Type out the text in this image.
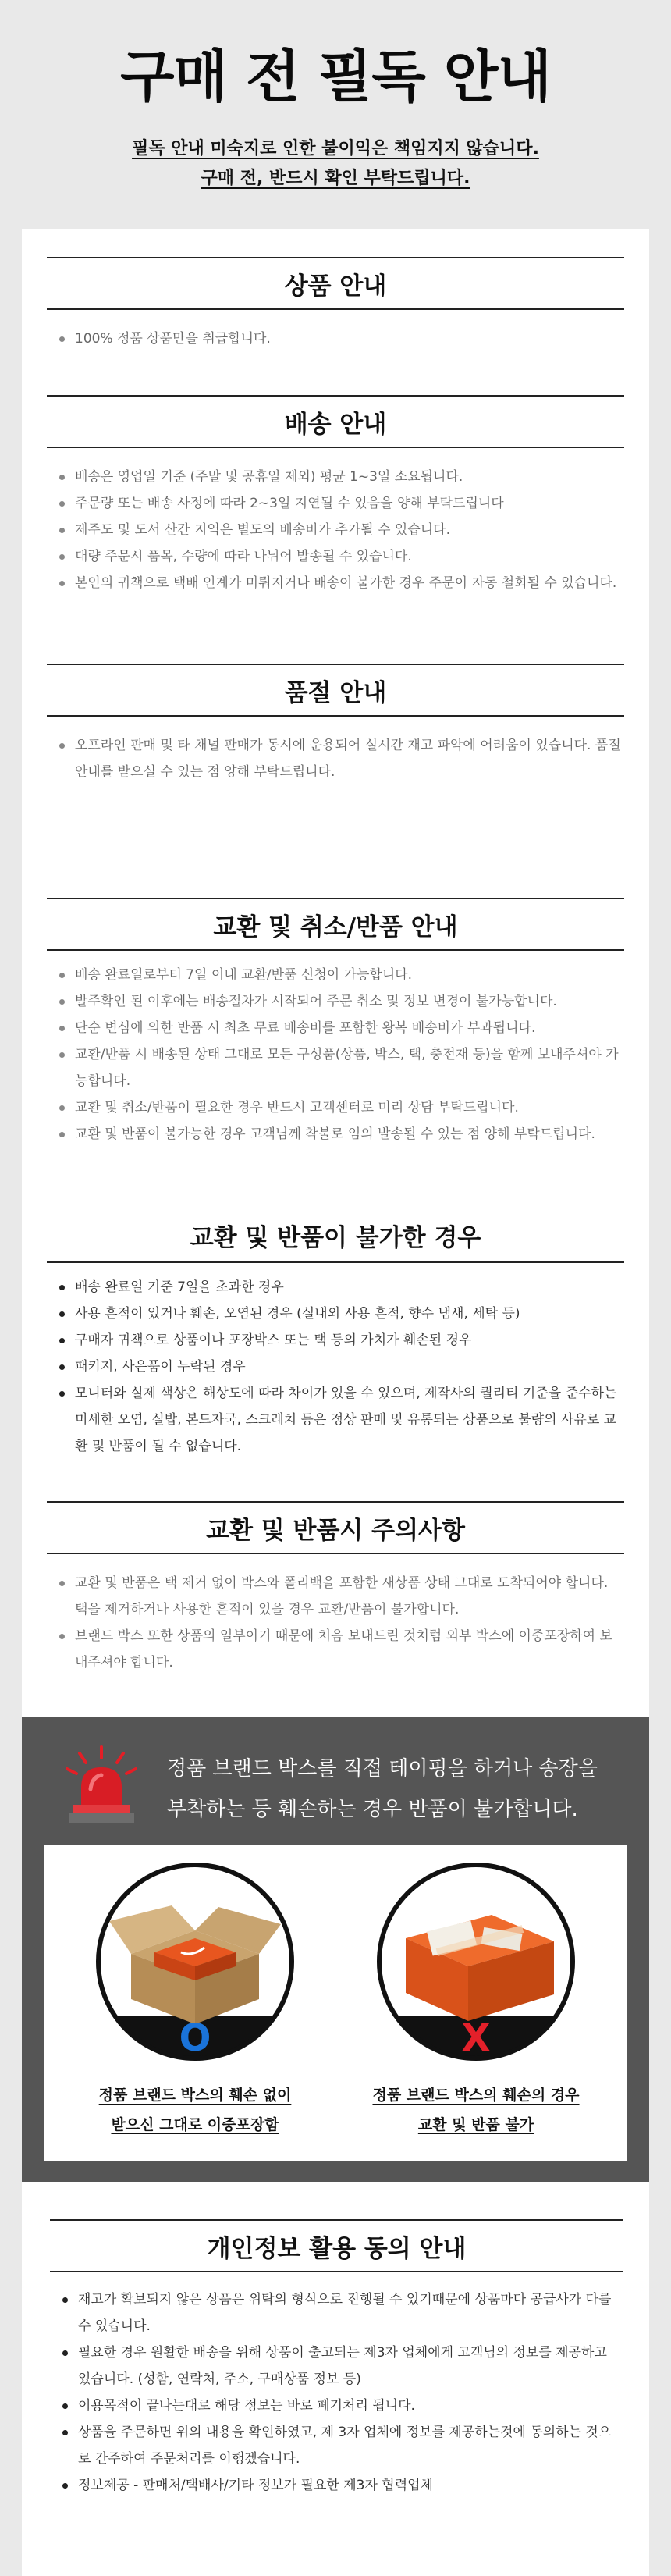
구매 전 필독 안내
필독 안내 미숙지로 인한 불이익은 책임지지 않습니다.
구매 전, 반드시 확인 부탁드립니다.
상품 안내
100% 정품 상품만을 취급합니다.
배송 안내
배송은 영업일 기준 (주말 및 공휴일 제외) 평균 1~3일 소요됩니다.
주문량 또는 배송 사정에 따라 2~3일 지연될 수 있음을 양해 부탁드립니다
제주도 및 도서 산간 지역은 별도의 배송비가 추가될 수 있습니다.
대량 주문시 품목, 수량에 따라 나뉘어 발송될 수 있습니다.
본인의 귀책으로 택배 인계가 미뤄지거나 배송이 불가한 경우 주문이 자동 철회될 수 있습니다.
품절 안내
오프라인 판매 및 타 채널 판매가 동시에 운용되어 실시간 재고 파악에 어려움이 있습니다. 품절 안내를 받으실 수 있는 점 양해 부탁드립니다.
교환 및 취소/반품 안내
배송 완료일로부터 7일 이내 교환/반품 신청이 가능합니다.
발주확인 된 이후에는 배송절차가 시작되어 주문 취소 및 정보 변경이 불가능합니다.
단순 변심에 의한 반품 시 최초 무료 배송비를 포함한 왕복 배송비가 부과됩니다.
교환/반품 시 배송된 상태 그대로 모든 구성품(상품, 박스, 택, 충전재 등)을 함께 보내주셔야 가능합니다.
교환 및 취소/반품이 필요한 경우 반드시 고객센터로 미리 상담 부탁드립니다.
교환 및 반품이 불가능한 경우 고객님께 착불로 임의 발송될 수 있는 점 양해 부탁드립니다.
교환 및 반품이 불가한 경우
배송 완료일 기준 7일을 초과한 경우
사용 흔적이 있거나 훼손, 오염된 경우 (실내외 사용 흔적, 향수 냄새, 세탁 등)
구매자 귀책으로 상품이나 포장박스 또는 택 등의 가치가 훼손된 경우
패키지, 사은품이 누락된 경우
모니터와 실제 색상은 해상도에 따라 차이가 있을 수 있으며, 제작사의 퀄리티 기준을 준수하는 미세한 오염, 실밥, 본드자국, 스크래치 등은 정상 판매 및 유통되는 상품으로 불량의 사유로 교환 및 반품이 될 수 없습니다.
교환 및 반품시 주의사항
교환 및 반품은 택 제거 없이 박스와 폴리백을 포함한 새상품 상태 그대로 도착되어야 합니다. 택을 제거하거나 사용한 흔적이 있을 경우 교환/반품이 불가합니다.
브랜드 박스 또한 상품의 일부이기 때문에 처음 보내드린 것처럼 외부 박스에 이중포장하여 보내주셔야 합니다.
정품 브랜드 박스를 직접 테이핑을 하거나 송장을
부착하는 등 훼손하는 경우 반품이 불가합니다.
O
정품 브랜드 박스의 훼손 없이
받으신 그대로 이중포장함
X
정품 브랜드 박스의 훼손의 경우
교환 및 반품 불가
개인정보 활용 동의 안내
재고가 확보되지 않은 상품은 위탁의 형식으로 진행될 수 있기때문에 상품마다 공급사가 다를 수 있습니다.
필요한 경우 원활한 배송을 위해 상품이 출고되는 제3자 업체에게 고객님의 정보를 제공하고 있습니다. (성함, 연락처, 주소, 구매상품 정보 등)
이용목적이 끝나는대로 해당 정보는 바로 폐기처리 됩니다.
상품을 주문하면 위의 내용을 확인하였고, 제 3자 업체에 정보를 제공하는것에 동의하는 것으로 간주하여 주문처리를 이행겠습니다.
정보제공 - 판매처/택배사/기타 정보가 필요한 제3자 협력업체
